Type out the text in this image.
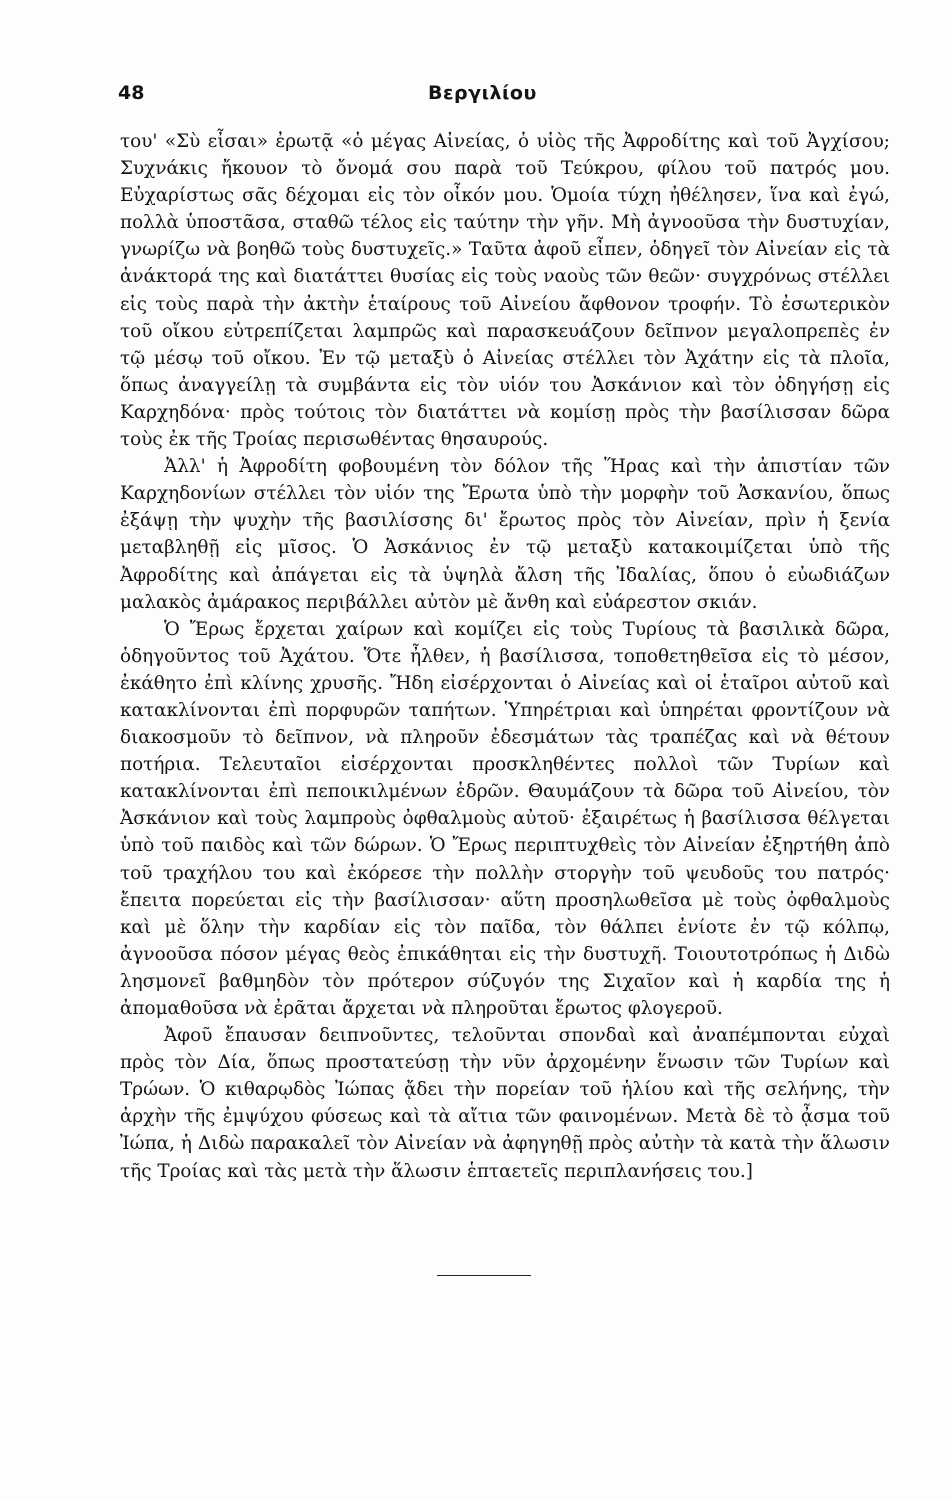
48	Βεργιλίου

του' «Σὺ εἶσαι» ἐρωτᾷ «ὁ μέγας Αἰνείας, ὁ υἱὸς τῆς Ἀφροδίτης καὶ τοῦ Ἀγχίσου; Συχνάκις ἤκουον τὸ ὄνομά σου παρὰ τοῦ Τεύκρου, φίλου τοῦ πατρός μου. Εὐχαρίστως σᾶς δέχομαι εἰς τὸν οἶκόν μου. Ὁμοία τύχη ἠθέλησεν, ἵνα καὶ ἐγώ, πολλὰ ὑποστᾶσα, σταθῶ τέλος εἰς ταύτην τὴν γῆν. Μὴ ἀγνοοῦσα τὴν δυστυχίαν, γνωρίζω νὰ βοηθῶ τοὺς δυστυχεῖς.» Ταῦτα ἀφοῦ εἶπεν, ὁδηγεῖ τὸν Αἰνείαν εἰς τὰ ἀνάκτορά της καὶ διατάττει θυσίας εἰς τοὺς ναοὺς τῶν θεῶν· συγχρόνως στέλλει εἰς τοὺς παρὰ τὴν ἀκτὴν ἑταίρους τοῦ Αἰνείου ἄφθονον τροφήν. Τὸ ἐσωτερικὸν τοῦ οἴκου εὐτρεπίζεται λαμπρῶς καὶ παρασκευάζουν δεῖπνον μεγαλοπρεπὲς ἐν τῷ μέσῳ τοῦ οἴκου. Ἐν τῷ μεταξὺ ὁ Αἰνείας στέλλει τὸν Ἀχάτην εἰς τὰ πλοῖα, ὅπως ἀναγγείλῃ τὰ συμβάντα εἰς τὸν υἱόν του Ἀσκάνιον καὶ τὸν ὁδηγήσῃ εἰς Καρχηδόνα· πρὸς τούτοις τὸν διατάττει νὰ κομίσῃ πρὸς τὴν βασίλισσαν δῶρα τοὺς ἐκ τῆς Τροίας περισωθέντας θησαυρούς.

Ἀλλ' ἡ Ἀφροδίτη φοβουμένη τὸν δόλον τῆς Ἥρας καὶ τὴν ἀπιστίαν τῶν Καρχηδονίων στέλλει τὸν υἱόν της Ἔρωτα ὑπὸ τὴν μορφὴν τοῦ Ἀσκανίου, ὅπως ἐξάψῃ τὴν ψυχὴν τῆς βασιλίσσης δι' ἔρωτος πρὸς τὸν Αἰνείαν, πρὶν ἡ ξενία μεταβληθῇ εἰς μῖσος. Ὁ Ἀσκάνιος ἐν τῷ μεταξὺ κατακοιμίζεται ὑπὸ τῆς Ἀφροδίτης καὶ ἀπάγεται εἰς τὰ ὑψηλὰ ἄλση τῆς Ἰδαλίας, ὅπου ὁ εὐωδιάζων μαλακὸς ἀμάρακος περιβάλλει αὐτὸν μὲ ἄνθη καὶ εὐάρεστον σκιάν.

Ὁ Ἔρως ἔρχεται χαίρων καὶ κομίζει εἰς τοὺς Τυρίους τὰ βασιλικὰ δῶρα, ὁδηγοῦντος τοῦ Ἀχάτου. Ὅτε ἦλθεν, ἡ βασίλισσα, τοποθετηθεῖσα εἰς τὸ μέσον, ἐκάθητο ἐπὶ κλίνης χρυσῆς. Ἤδη εἰσέρχονται ὁ Αἰνείας καὶ οἱ ἑταῖροι αὐτοῦ καὶ κατακλίνονται ἐπὶ πορφυρῶν ταπήτων. Ὑπηρέτριαι καὶ ὑπηρέται φροντίζουν νὰ διακοσμοῦν τὸ δεῖπνον, νὰ πληροῦν ἐδεσμάτων τὰς τραπέζας καὶ νὰ θέτουν ποτήρια. Τελευταῖοι εἰσέρχονται προσκληθέντες πολλοὶ τῶν Τυρίων καὶ κατακλίνονται ἐπὶ πεποικιλμένων ἑδρῶν. Θαυμάζουν τὰ δῶρα τοῦ Αἰνείου, τὸν Ἀσκάνιον καὶ τοὺς λαμπροὺς ὀφθαλμοὺς αὐτοῦ· ἐξαιρέτως ἡ βασίλισσα θέλγεται ὑπὸ τοῦ παιδὸς καὶ τῶν δώρων. Ὁ Ἔρως περιπτυχθεὶς τὸν Αἰνείαν ἐξηρτήθη ἀπὸ τοῦ τραχήλου του καὶ ἐκόρεσε τὴν πολλὴν στοργὴν τοῦ ψευδοῦς του πατρός· ἔπειτα πορεύεται εἰς τὴν βασίλισσαν· αὕτη προσηλωθεῖσα μὲ τοὺς ὀφθαλμοὺς καὶ μὲ ὅλην τὴν καρδίαν εἰς τὸν παῖδα, τὸν θάλπει ἐνίοτε ἐν τῷ κόλπῳ, ἀγνοοῦσα πόσον μέγας θεὸς ἐπικάθηται εἰς τὴν δυστυχῆ. Τοιουτοτρόπως ἡ Διδὼ λησμονεῖ βαθμηδὸν τὸν πρότερον σύζυγόν της Σιχαῖον καὶ ἡ καρδία της ἡ ἀπομαθοῦσα νὰ ἐρᾶται ἄρχεται νὰ πληροῦται ἔρωτος φλογεροῦ.

Ἀφοῦ ἔπαυσαν δειπνοῦντες, τελοῦνται σπονδαὶ καὶ ἀναπέμπονται εὐχαὶ πρὸς τὸν Δία, ὅπως προστατεύσῃ τὴν νῦν ἀρχομένην ἕνωσιν τῶν Τυρίων καὶ Τρώων. Ὁ κιθαρῳδὸς Ἰώπας ᾄδει τὴν πορείαν τοῦ ἡλίου καὶ τῆς σελήνης, τὴν ἀρχὴν τῆς ἐμψύχου φύσεως καὶ τὰ αἴτια τῶν φαινομένων. Μετὰ δὲ τὸ ᾆσμα τοῦ Ἰώπα, ἡ Διδὼ παρακαλεῖ τὸν Αἰνείαν νὰ ἀφηγηθῇ πρὸς αὐτὴν τὰ κατὰ τὴν ἅλωσιν τῆς Τροίας καὶ τὰς μετὰ τὴν ἅλωσιν ἑπταετεῖς περιπλανήσεις του.]
